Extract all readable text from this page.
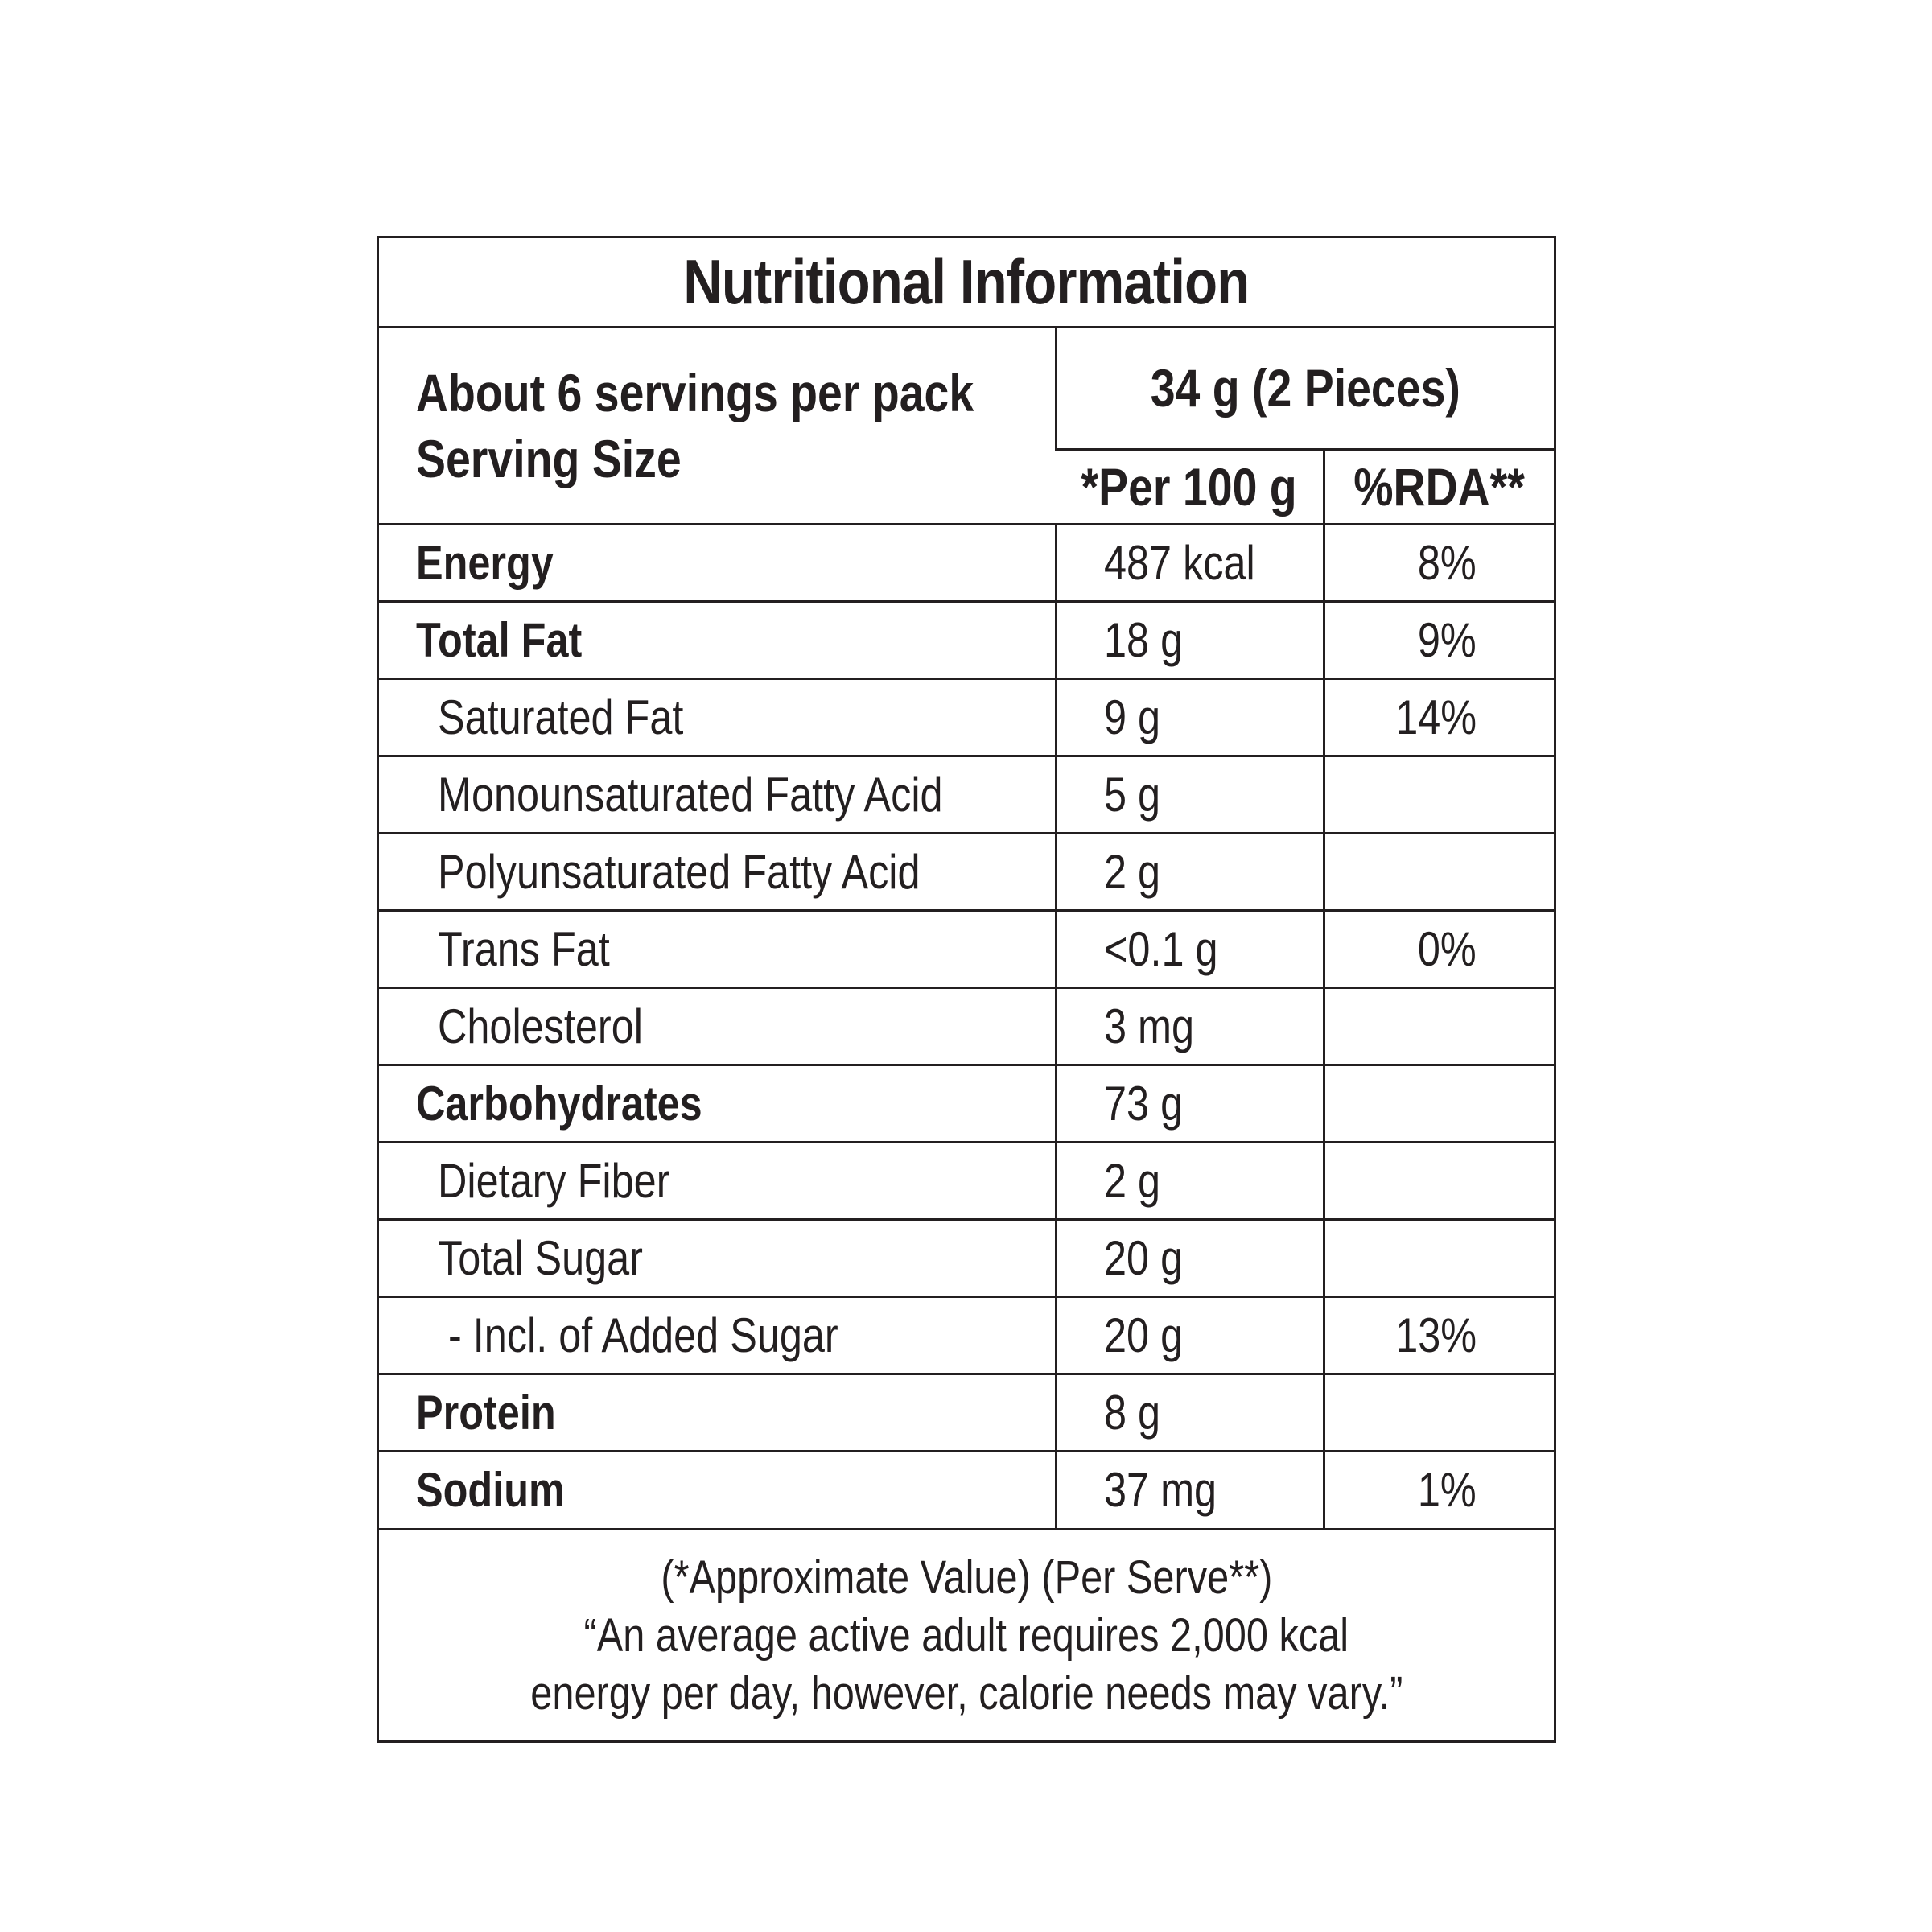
Nutritional Information
About 6 servings per pack
Serving Size	34 g (2 Pieces)	
	*Per 100 g	%RDA**
Energy	487 kcal	8%
Total Fat	18 g	9%
Saturated Fat	9 g	14%
Monounsaturated Fatty Acid	5 g	
Polyunsaturated Fatty Acid	2 g	
Trans Fat	<0.1 g	0%
Cholesterol	3 mg	
Carbohydrates	73 g	
Dietary Fiber	2 g	
Total Sugar	20 g	
- Incl. of Added Sugar	20 g	13%
Protein	8 g	
Sodium	37 mg	1%
(*Approximate Value) (Per Serve**)
“An average active adult requires 2,000 kcal
energy per day, however, calorie needs may vary.”
